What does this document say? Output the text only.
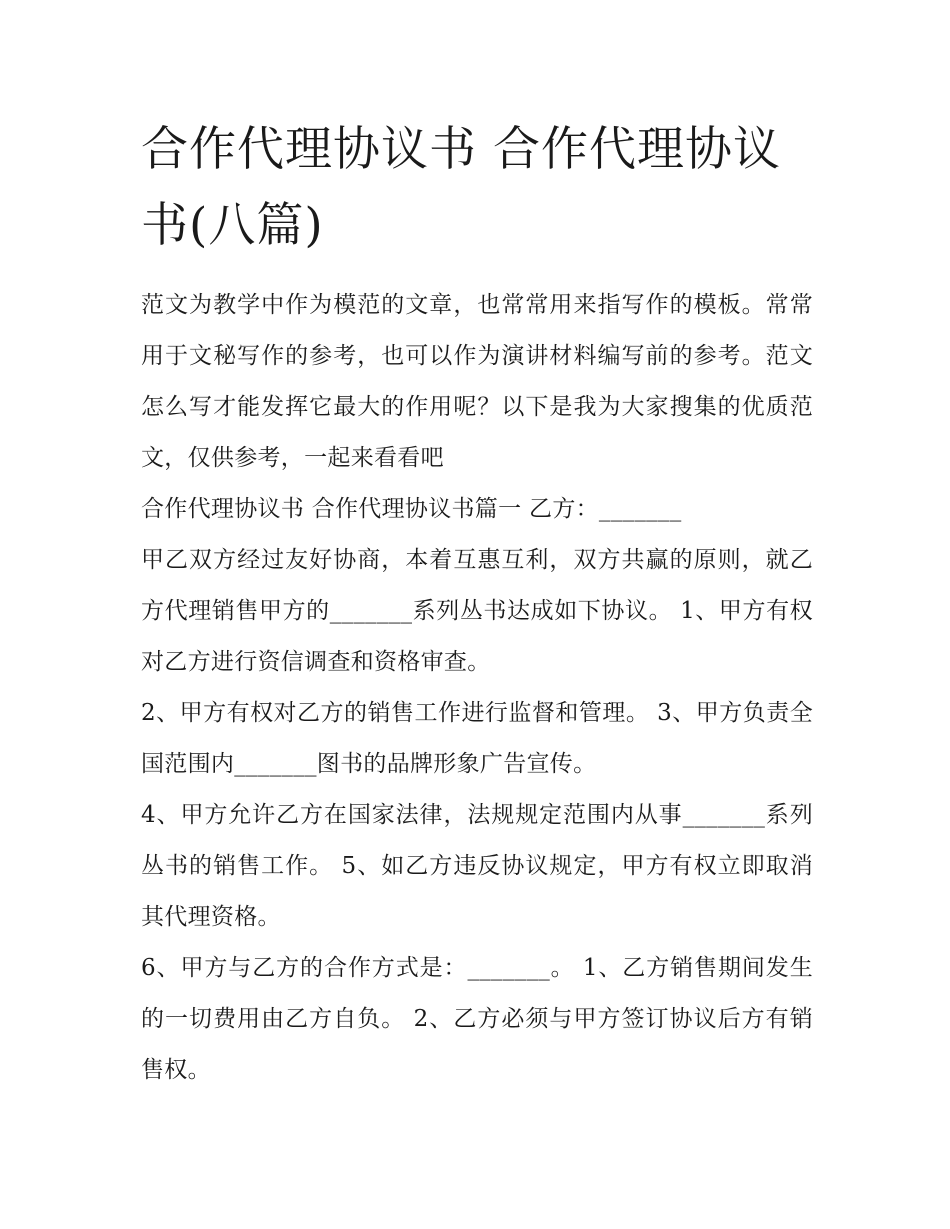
合作代理协议书 合作代理协议书(八篇)

范文为教学中作为模范的文章，也常常用来指写作的模板。常常用于文秘写作的参考，也可以作为演讲材料编写前的参考。范文怎么写才能发挥它最大的作用呢？以下是我为大家搜集的优质范文，仅供参考，一起来看看吧

合作代理协议书 合作代理协议书篇一 乙方：_______

甲乙双方经过友好协商，本着互惠互利，双方共赢的原则，就乙方代理销售甲方的_______系列丛书达成如下协议。 1、甲方有权对乙方进行资信调查和资格审查。

2、甲方有权对乙方的销售工作进行监督和管理。 3、甲方负责全国范围内_______图书的品牌形象广告宣传。

4、甲方允许乙方在国家法律，法规规定范围内从事_______系列丛书的销售工作。 5、如乙方违反协议规定，甲方有权立即取消其代理资格。

6、甲方与乙方的合作方式是：_______。 1、乙方销售期间发生的一切费用由乙方自负。 2、乙方必须与甲方签订协议后方有销售权。
